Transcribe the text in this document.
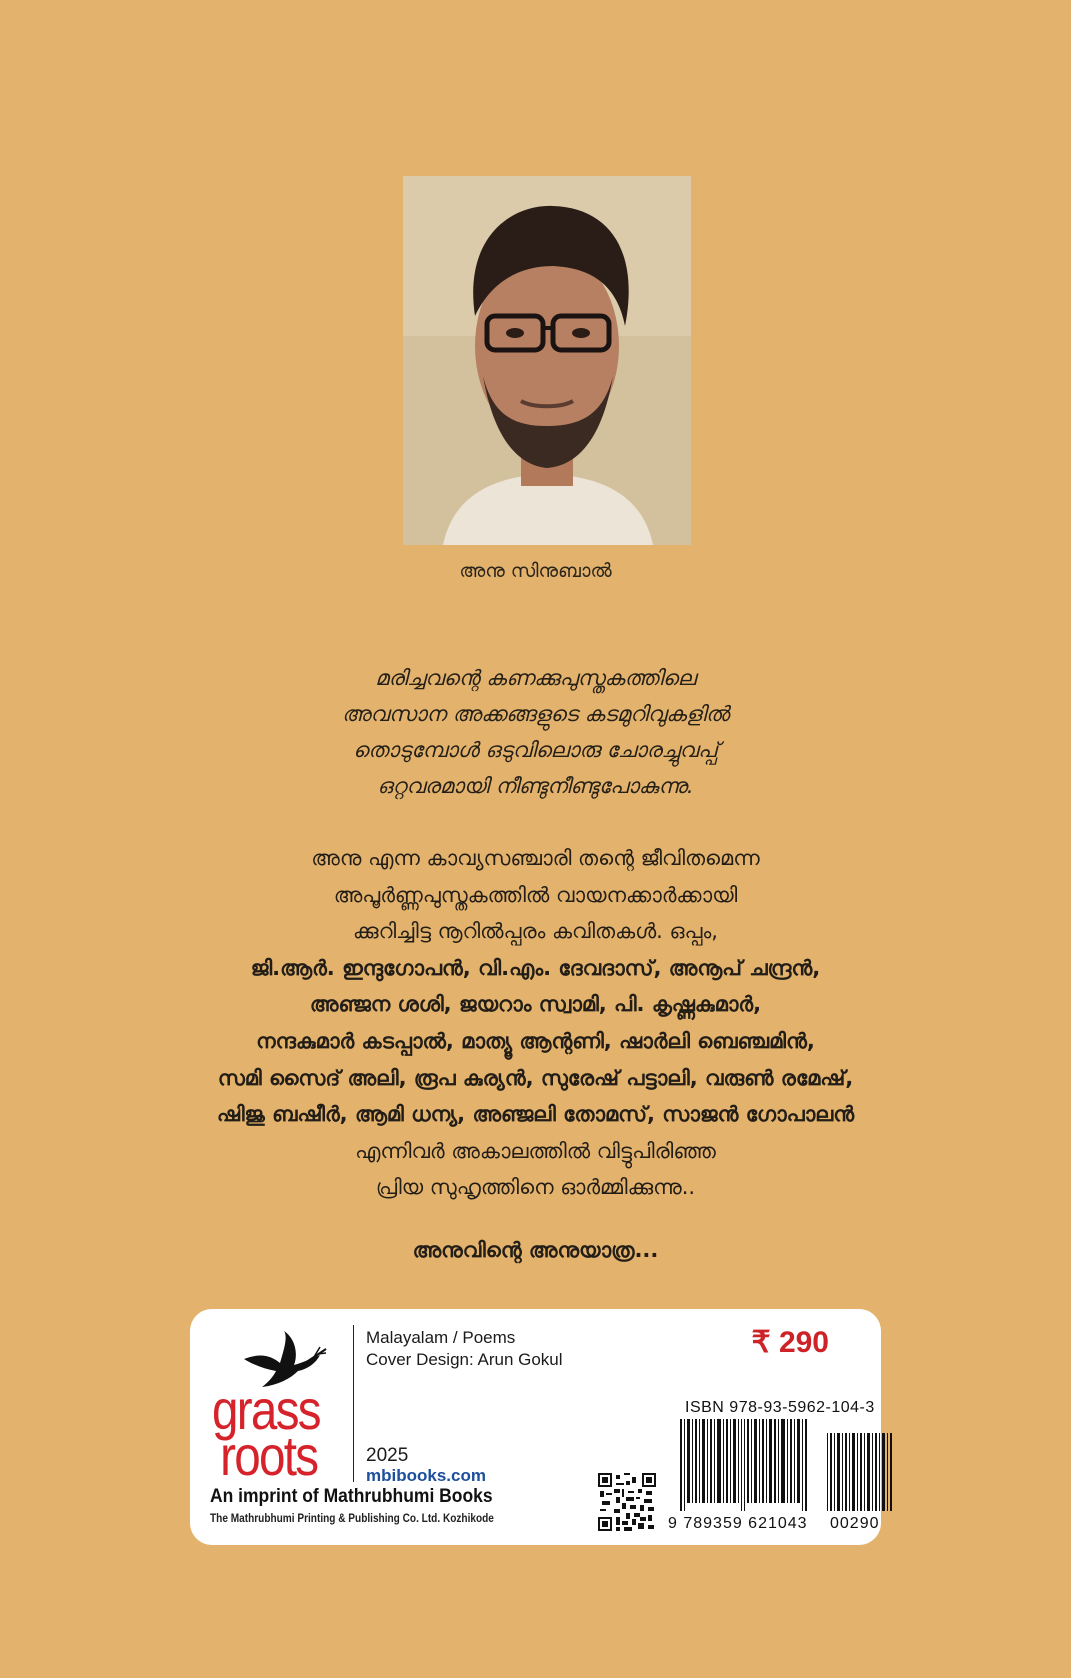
അനു സിനുബാൽ
മരിച്ചവന്റെ കണക്കുപുസ്തകത്തിലെ
അവസാന അക്കങ്ങളുടെ കടമുറിവുകളിൽ
തൊടുമ്പോൾ ഒടുവിലൊരു ചോരച്ചുവപ്പ്
ഒറ്റവരമായി നീണ്ടുനീണ്ടുപോകുന്നു.
അനു എന്ന കാവ്യസഞ്ചാരി തന്റെ ജീവിതമെന്ന
അപൂർണ്ണപുസ്തകത്തിൽ വായനക്കാർക്കായി
ക്കുറിച്ചിട്ട നൂറിൽപ്പരം കവിതകൾ. ഒപ്പം,
ജി.ആർ. ഇന്ദുഗോപൻ, വി.എം. ദേവദാസ്, അനൂപ് ചന്ദ്രൻ,
അഞ്ജന ശശി, ജയറാം സ്വാമി, പി. കൃഷ്ണകുമാർ,
നന്ദകുമാർ കടപ്പാൽ, മാത്യൂ ആന്റണി, ഷാർലി ബെഞ്ചമിൻ,
സമി സൈദ് അലി, രൂപ കുര്യൻ, സുരേഷ് പട്ടാലി, വരുൺ രമേഷ്,
ഷിജു ബഷീർ, ആമി ധന്യ, അഞ്ജലി തോമസ്, സാജൻ ഗോപാലൻ
എന്നിവർ അകാലത്തിൽ വിട്ടുപിരിഞ്ഞ
പ്രിയ സുഹൃത്തിനെ ഓർമ്മിക്കുന്നു..
അനുവിന്റെ അനുയാത്ര...
grass
roots
An imprint of Mathrubhumi Books
The Mathrubhumi Printing & Publishing Co. Ltd. Kozhikode
Malayalam / Poems
Cover Design: Arun Gokul
2025
mbibooks.com
₹ 290
ISBN 978-93-5962-104-3
9 789359 621043 00290
